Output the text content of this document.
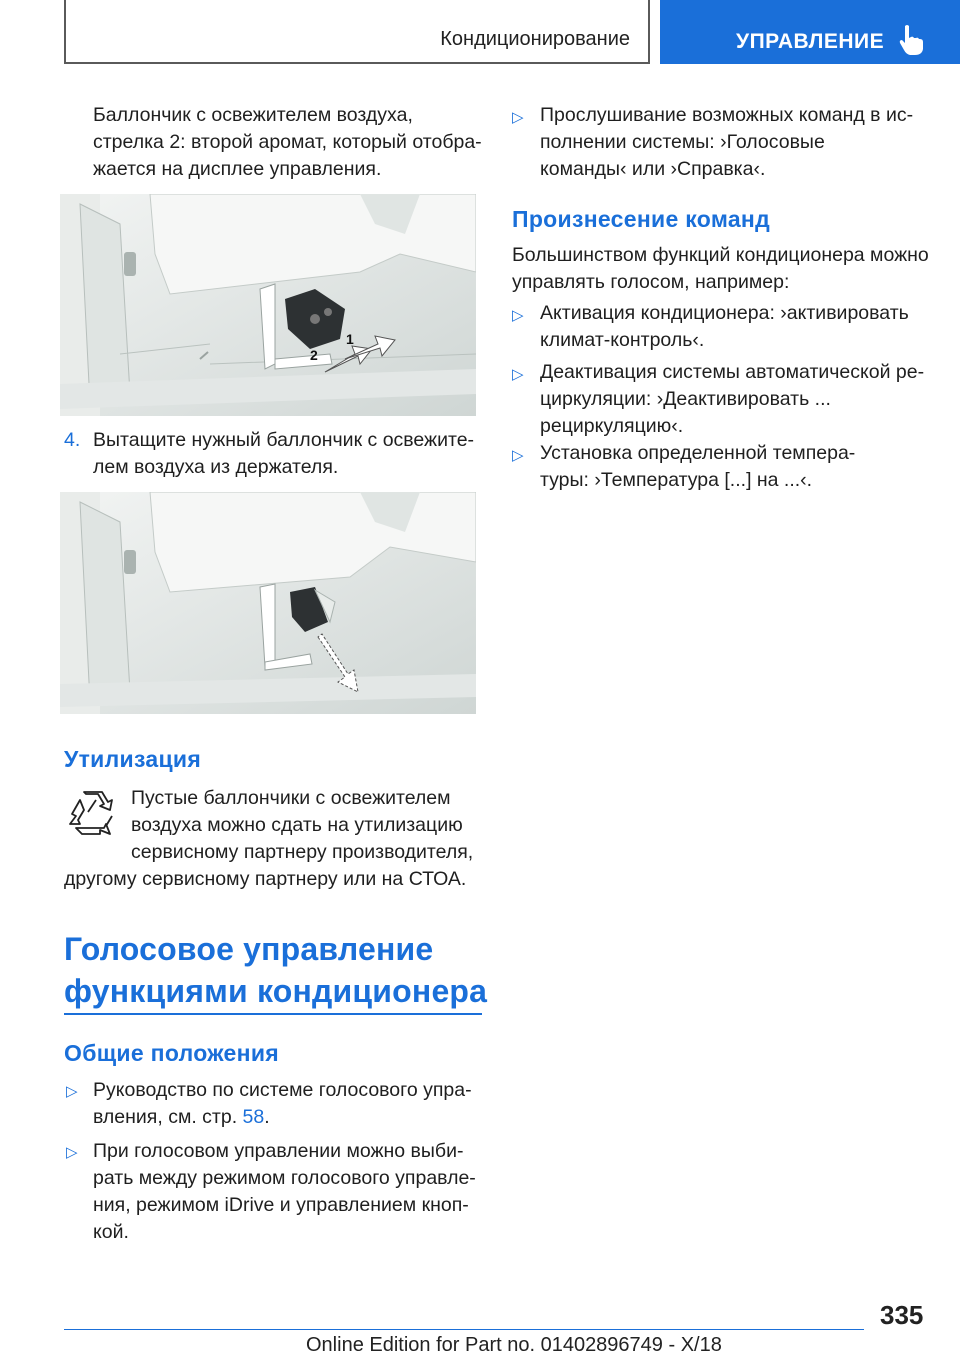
Кондиционирование	УПРАВЛЕНИЕ
Баллончик с освежителем воздуха,
стрелка 2: второй аромат, который отобра-
жается на дисплее управления.
2
1
4. Вытащите нужный баллончик с освежите-
лем воздуха из держателя.
Утилизация
Пустые баллончики с освежителем
воздуха можно сдать на утилизацию
сервисному партнеру производителя,
другому сервисному партнеру или на СТОА.
Голосовое управление
функциями кондиционера
Общие положения
▷ Руководство по системе голосового упра-
вления, см. стр. 58.
▷ При голосовом управлении можно выби-
рать между режимом голосового управле-
ния, режимом iDrive и управлением кноп-
кой.
▷ Прослушивание возможных команд в ис-
полнении системы: ›Голосовые
команды‹ или ›Справка‹.
Произнесение команд
Большинством функций кондиционера можно
управлять голосом, например:
▷ Активация кондиционера: ›активировать
климат-контроль‹.
▷ Деактивация системы автоматической ре-
циркуляции: ›Деактивировать ...
рециркуляцию‹.
▷ Установка определенной темпера-
туры: ›Температура [...] на ...‹.
335
Online Edition for Part no. 01402896749 - X/18
